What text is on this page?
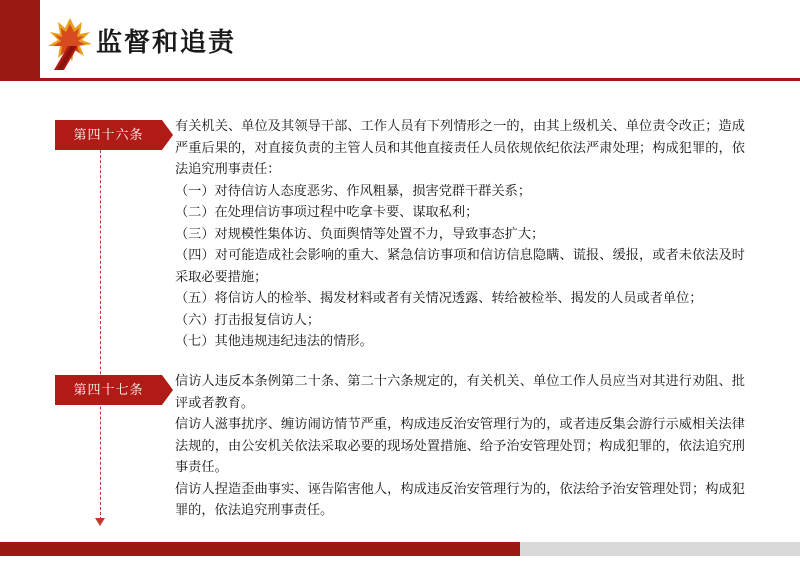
监督和追责
第四十六条

有关机关、单位及其领导干部、工作人员有下列情形之一的，由其上级机关、单位责令改正；造成严重后果的，对直接负责的主管人员和其他直接责任人员依规依纪依法严肃处理；构成犯罪的，依法追究刑事责任：

（一）对待信访人态度恶劣、作风粗暴，损害党群干群关系；

（二）在处理信访事项过程中吃拿卡要、谋取私利；

（三）对规模性集体访、负面舆情等处置不力，导致事态扩大；

（四）对可能造成社会影响的重大、紧急信访事项和信访信息隐瞒、谎报、缓报，或者未依法及时采取必要措施；

（五）将信访人的检举、揭发材料或者有关情况透露、转给被检举、揭发的人员或者单位；

（六）打击报复信访人；

（七）其他违规违纪违法的情形。

第四十七条

信访人违反本条例第二十条、第二十六条规定的，有关机关、单位工作人员应当对其进行劝阻、批评或者教育。

信访人滋事扰序、缠访闹访情节严重，构成违反治安管理行为的，或者违反集会游行示威相关法律法规的，由公安机关依法采取必要的现场处置措施、给予治安管理处罚；构成犯罪的，依法追究刑事责任。

信访人捏造歪曲事实、诬告陷害他人，构成违反治安管理行为的，依法给予治安管理处罚；构成犯罪的，依法追究刑事责任。
